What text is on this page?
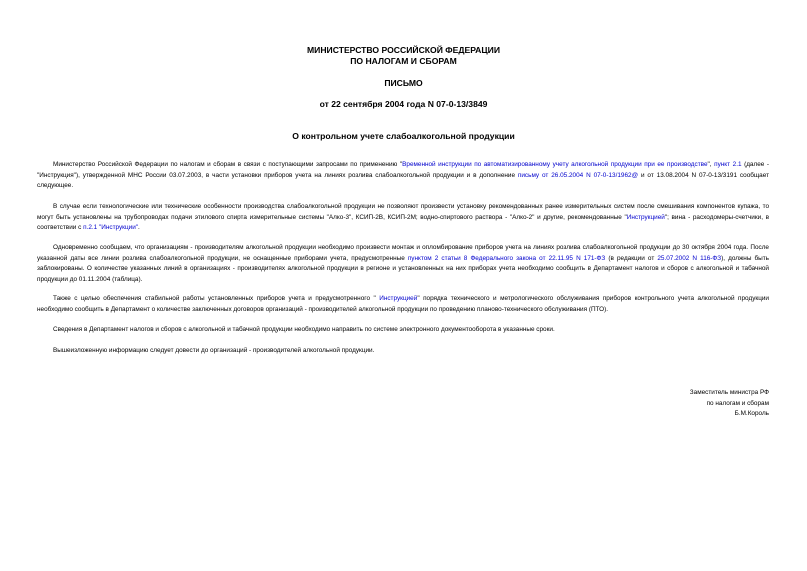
МИНИСТЕРСТВО РОССИЙСКОЙ ФЕДЕРАЦИИ
ПО НАЛОГАМ И СБОРАМ
ПИСЬМО
от 22 сентября 2004 года N 07-0-13/3849
О контрольном учете слабоалкогольной продукции
Министерство Российской Федерации по налогам и сборам в связи с поступающими запросами по применению "Временной инструкции по автоматизированному учету алкогольной продукции при ее производстве", пункт 2.1 (далее - "Инструкция"), утвержденной МНС России 03.07.2003, в части установки приборов учета на линиях розлива слабоалкогольной продукции и в дополнение письму от 26.05.2004 N 07-0-13/1962@ и от 13.08.2004 N 07-0-13/3191 сообщает следующее.
В случае если технологические или технические особенности производства слабоалкогольной продукции не позволяют произвести установку рекомендованных ранее измерительных систем после смешивания компонентов купажа, то могут быть установлены на трубопроводах подачи этилового спирта измерительные системы "Алко-3", КСИП-2В, КСИП-2М; водно-спиртового раствора - "Алко-2" и другие, рекомендованные "Инструкцией"; вина - расходомеры-счетчики, в соответствии с п.2.1 "Инструкции".
Одновременно сообщаем, что организациям - производителям алкогольной продукции необходимо произвести монтаж и опломбирование приборов учета на линиях розлива слабоалкогольной продукции до 30 октября 2004 года. После указанной даты все линии розлива слабоалкогольной продукции, не оснащенные приборами учета, предусмотренные пунктом 2 статьи 8 Федерального закона от 22.11.95 N 171-ФЗ (в редакции от 25.07.2002 N 116-ФЗ), должны быть заблокированы. О количестве указанных линий в организациях - производителях алкогольной продукции в регионе и установленных на них приборах учета необходимо сообщить в Департамент налогов и сборов с алкогольной и табачной продукции до 01.11.2004 (таблица).
Также с целью обеспечения стабильной работы установленных приборов учета и предусмотренного " Инструкцией" порядка технического и метрологического обслуживания приборов контрольного учета алкогольной продукции необходимо сообщить в Департамент о количестве заключенных договоров организаций - производителей алкогольной продукции по проведению планово-технического обслуживания (ПТО).
Сведения в Департамент налогов и сборов с алкогольной и табачной продукции необходимо направить по системе электронного документооборота в указанные сроки.
Вышеизложенную информацию следует довести до организаций - производителей алкогольной продукции.
Заместитель министра РФ
по налогам и сборам
Б.М.Король
